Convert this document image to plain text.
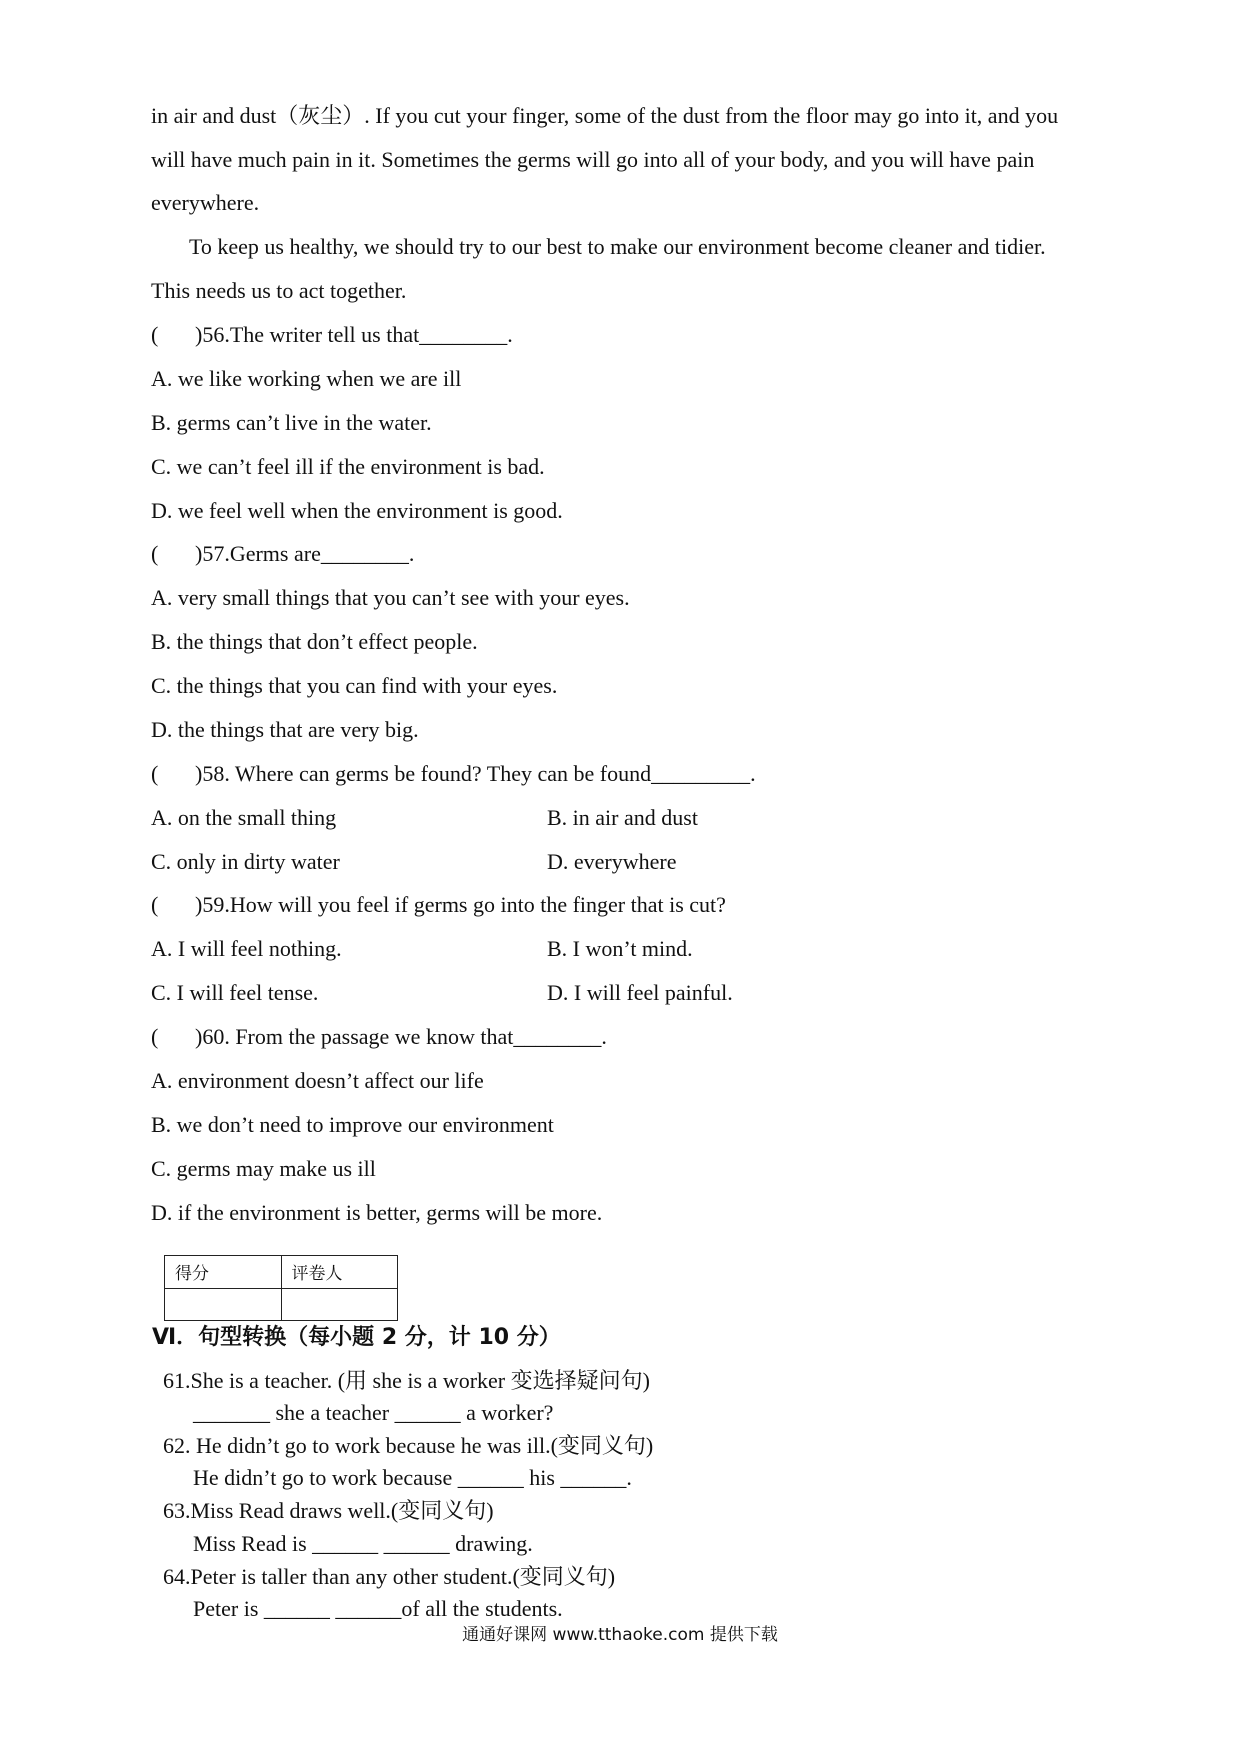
in air and dust（灰尘）. If you cut your finger, some of the dust from the floor may go into it, and you
will have much pain in it. Sometimes the germs will go into all of your body, and you will have pain
everywhere.
To keep us healthy, we should try to our best to make our environment become cleaner and tidier.
This needs us to act together.
( )56.The writer tell us that________.
A. we like working when we are ill
B. germs can’t live in the water.
C. we can’t feel ill if the environment is bad.
D. we feel well when the environment is good.
( )57.Germs are________.
A. very small things that you can’t see with your eyes.
B. the things that don’t effect people.
C. the things that you can find with your eyes.
D. the things that are very big.
( )58. Where can germs be found? They can be found_________.
A. on the small thing	B. in air and dust
C. only in dirty water	D. everywhere
( )59.How will you feel if germs go into the finger that is cut?
A. I will feel nothing.	B. I won’t mind.
C. I will feel tense.	D. I will feel painful.
( )60. From the passage we know that________.
A. environment doesn’t affect our life
B. we don’t need to improve our environment
C. germs may make us ill
D. if the environment is better, germs will be more.
得分	评卷人

Ⅵ．句型转换（每小题 2 分，计 10 分）
61.She is a teacher. (用 she is a worker 变选择疑问句)
_______ she a teacher ______ a worker?
62. He didn’t go to work because he was ill.(变同义句)
He didn’t go to work because ______ his ______.
63.Miss Read draws well.(变同义句)
Miss Read is ______ ______ drawing.
64.Peter is taller than any other student.(变同义句)
Peter is ______ ______of all the students.
通通好课网 www.tthaoke.com 提供下载
